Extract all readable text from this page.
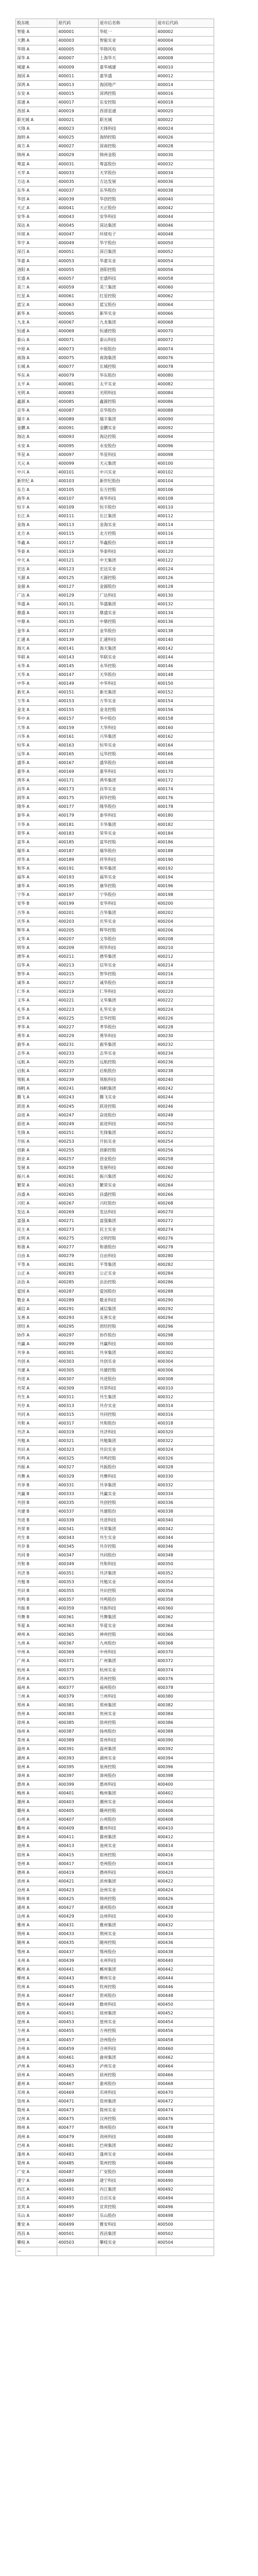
股东帐	原代码	退市后名称	退市后代码
智能 A	400001	华虹一	400002
天鹅 A	400003	智能实业	400004
华锦 A	400005	华锦风电	400006
深华 A	400007	上海华天	400008
城建 A	400009	嘉华城建	400010
海国 A	400011	嘉华盛	400012
深鸿 A	400013	海国地产	400014
东安 A	400015	深鸿控股	400016
雷通 A	400017	东安控股	400018
西部 A	400019	西部星通	400020
职光城 A	400021	职光城	400022
天锋 A	400023	天锋科技	400024
海纳 A	400025	海纳控股	400026
南方 A	400027	深南控股	400028
锦州 A	400029	锦州金股	400030
粤富 A	400031	粤富股份	400032
天苹 A	400033	天苹股份	400034
方达 A	400035	方达发展	400036
东华 A	400037	东华股份	400038
华创 A	400039	华创控股	400040
天正 A	400041	天正股份	400042
安华 A	400043	安华科技	400044
深达 A	400045	深达集团	400046
环球 A	400047	环球电子	400048
华宇 A	400049	华宇股份	400050
深百 A	400051	深百集团	400052
华嘉 A	400053	华嘉实业	400054
洛阳 A	400055	洛阳控股	400056
宏盛 A	400057	宏盛科技	400058
美兰 A	400059	美兰集团	400060
红星 A	400061	红星控股	400062
蓝宝 A	400063	蓝宝股份	400064
新华 A	400065	新华实业	400066
九龙 A	400067	九龙集团	400068
恒通 A	400069	恒通控股	400070
泰山 A	400071	泰山科技	400072
中原 A	400073	中原股份	400074
南海 A	400075	南海集团	400076
长城 A	400077	长城控股	400078
华东 A	400079	华东股份	400080
太平 A	400081	太平实业	400082
光明 A	400083	光明科技	400084
鑫源 A	400085	鑫源控股	400086
京华 A	400087	京华股份	400088
瑞丰 A	400089	瑞丰集团	400090
金鹏 A	400091	金鹏实业	400092
海达 A	400093	海达控股	400094
永安 A	400095	永安股份	400096
华星 A	400097	华星科技	400098
天元 A	400099	天元集团	400100
中兴 A	400101	中兴实业	400102
新世纪 A	400103	新世纪股份	400104
东方 A	400105	东方控股	400106
南华 A	400107	南华科技	400108
恒丰 A	400109	恒丰股份	400110
长江 A	400111	长江集团	400112
金海 A	400113	金海实业	400114
北方 A	400115	北方控股	400116
华鑫 A	400117	华鑫股份	400118
华泰 A	400119	华泰科技	400120
中天 A	400121	中天集团	400122
宏达 A	400123	宏达实业	400124
天源 A	400125	天源控股	400126
金源 A	400127	金源股份	400128
广达 A	400129	广达科技	400130
华盛 A	400131	华盛集团	400132
鼎盛 A	400133	鼎盛实业	400134
中鼎 A	400135	中鼎控股	400136
金华 A	400137	金华股份	400138
汇通 A	400139	汇通科技	400140
海天 A	400141	海天集团	400142
华联 A	400143	华联实业	400144
永华 A	400145	永华控股	400146
天华 A	400147	天华股份	400148
中华 A	400149	中华科技	400150
新光 A	400151	新光集团	400152
万华 A	400153	万华实业	400154
金龙 A	400155	金龙控股	400156
华中 A	400157	华中股份	400158
大华 A	400159	大华科技	400160
兴华 A	400161	兴华集团	400162
恒华 A	400163	恒华实业	400164
远华 A	400165	远华控股	400166
盛华 A	400167	盛华股份	400168
嘉华 A	400169	嘉华科技	400170
鸿华 A	400171	鸿华集团	400172
昌华 A	400173	昌华实业	400174
润华 A	400175	润华控股	400176
隆华 A	400177	隆华股份	400178
泰华 A	400179	泰华科技	400180
丰华 A	400181	丰华集团	400182
荣华 A	400183	荣华实业	400184
富华 A	400185	富华控股	400186
瑞华 A	400187	瑞华股份	400188
祥华 A	400189	祥华科技	400190
和华 A	400191	和华集团	400192
福华 A	400193	福华实业	400194
康华 A	400195	康华控股	400196
宁华 A	400197	宁华股份	400198
安华 B	400199	安华科技	400200
吉华 A	400201	吉华集团	400202
庆华 A	400203	庆华实业	400204
辉华 A	400205	辉华控股	400206
文华 A	400207	文华股份	400208
明华 A	400209	明华科技	400210
德华 A	400211	德华集团	400212
信华 A	400213	信华实业	400214
智华 A	400215	智华控股	400216
诚华 A	400217	诚华股份	400218
仁华 A	400219	仁华科技	400220
义华 A	400221	义华集团	400222
礼华 A	400223	礼华实业	400224
忠华 A	400225	忠华控股	400226
孝华 A	400227	孝华股份	400228
勇华 A	400229	勇华科技	400230
毅华 A	400231	毅华集团	400232
志华 A	400233	志华实业	400234
远航 A	400235	远航控股	400236
启航 A	400237	启航股份	400238
领航 A	400239	领航科技	400240
扬帆 A	400241	扬帆集团	400242
腾飞 A	400243	腾飞实业	400244
跃进 A	400245	跃进控股	400246
奋进 A	400247	奋进股份	400248
前进 A	400249	前进科技	400250
先锋 A	400251	先锋集团	400252
开拓 A	400253	开拓实业	400254
创新 A	400255	创新控股	400256
创业 A	400257	创业股份	400258
发展 A	400259	发展科技	400260
振兴 A	400261	振兴集团	400262
繁荣 A	400263	繁荣实业	400264
昌盛 A	400265	昌盛控股	400266
兴旺 A	400267	兴旺股份	400268
发达 A	400269	发达科技	400270
富强 A	400271	富强集团	400272
民主 A	400273	民主实业	400274
文明 A	400275	文明控股	400276
和谐 A	400277	和谐股份	400278
自由 A	400279	自由科技	400280
平等 A	400281	平等集团	400282
公正 A	400283	公正实业	400284
法治 A	400285	法治控股	400286
爱国 A	400287	爱国股份	400288
敬业 A	400289	敬业科技	400290
诚信 A	400291	诚信集团	400292
友善 A	400293	友善实业	400294
团结 A	400295	团结控股	400296
协作 A	400297	协作股份	400298
共赢 A	400299	共赢科技	400300
共享 A	400301	共享集团	400302
共创 A	400303	共创实业	400304
共建 A	400305	共建控股	400306
共进 A	400307	共进股份	400308
共荣 A	400309	共荣科技	400310
共生 A	400311	共生集团	400312
共存 A	400313	共存实业	400314
共同 A	400315	共同控股	400316
共和 A	400317	共和股份	400318
共济 A	400319	共济科技	400320
共勉 A	400321	共勉集团	400322
共识 A	400323	共识实业	400324
共鸣 A	400325	共鸣控股	400326
共振 A	400327	共振股份	400328
共舞 A	400329	共舞科技	400330
共享 B	400331	共享集团	400332
共赢 B	400333	共赢实业	400334
共创 B	400335	共创控股	400336
共建 B	400337	共建股份	400338
共进 B	400339	共进科技	400340
共荣 B	400341	共荣集团	400342
共生 B	400343	共生实业	400344
共存 B	400345	共存控股	400346
共同 B	400347	共同股份	400348
共和 B	400349	共和科技	400350
共济 B	400351	共济集团	400352
共勉 B	400353	共勉实业	400354
共识 B	400355	共识控股	400356
共鸣 B	400357	共鸣股份	400358
共振 B	400359	共振科技	400360
共舞 B	400361	共舞集团	400362
华夏 A	400363	华夏实业	400364
神州 A	400365	神州控股	400366
九州 A	400367	九州股份	400368
中州 A	400369	中州科技	400370
广州 A	400371	广州集团	400372
杭州 A	400373	杭州实业	400374
苏州 A	400375	苏州控股	400376
福州 A	400377	福州股份	400378
兰州 A	400379	兰州科技	400380
郑州 A	400381	郑州集团	400382
贵州 A	400383	贵州实业	400384
徐州 A	400385	徐州控股	400386
扬州 A	400387	扬州股份	400388
常州 A	400389	常州科技	400390
温州 A	400391	温州集团	400392
湖州 A	400393	湖州实业	400394
泉州 A	400395	泉州控股	400396
漳州 A	400397	漳州股份	400398
惠州 A	400399	惠州科技	400400
梅州 A	400401	梅州集团	400402
潮州 A	400403	潮州实业	400404
赣州 A	400405	赣州控股	400406
台州 A	400407	台州股份	400408
衢州 A	400409	衢州科技	400410
滁州 A	400411	滁州集团	400412
池州 A	400413	池州实业	400414
宿州 A	400415	宿州控股	400416
亳州 A	400417	亳州股份	400418
德州 A	400419	德州科技	400420
滨州 A	400421	滨州集团	400422
沧州 A	400423	沧州实业	400424
锦州 B	400425	锦州控股	400426
通州 A	400427	通州股份	400428
达州 A	400429	达州科技	400430
雅州 A	400431	雅州集团	400432
荆州 A	400433	荆州实业	400434
随州 A	400435	随州控股	400436
鄂州 A	400437	鄂州股份	400438
永州 A	400439	永州科技	400440
郴州 A	400441	郴州集团	400442
柳州 A	400443	柳州实业	400444
钦州 A	400445	钦州控股	400446
贺州 A	400447	贺州股份	400448
儋州 A	400449	儋州科技	400450
琼州 A	400451	琼州集团	400452
崖州 A	400453	崖州实业	400454
万州 A	400455	万州控股	400456
涪州 A	400457	涪州股份	400458
合州 A	400459	合州科技	400460
渝州 A	400461	渝州集团	400462
泸州 A	400463	泸州实业	400464
眉州 A	400465	眉州控股	400466
嘉州 A	400467	嘉州股份	400468
邛州 A	400469	邛州科技	400470
资州 A	400471	资州集团	400472
简州 A	400473	简州实业	400474
汉州 A	400475	汉州控股	400476
绵州 A	400477	绵州股份	400478
剑州 A	400479	剑州科技	400480
巴州 A	400481	巴州集团	400482
蓬州 A	400483	蓬州实业	400484
渠州 A	400485	渠州控股	400486
广安 A	400487	广安股份	400488
遂宁 A	400489	遂宁科技	400490
内江 A	400491	内江集团	400492
自贡 A	400493	自贡实业	400494
宜宾 A	400495	宜宾控股	400496
乐山 A	400497	乐山股份	400498
雅安 A	400499	雅安科技	400500
西昌 A	400501	西昌集团	400502
攀枝 A	400503	攀枝实业	400504
—			
